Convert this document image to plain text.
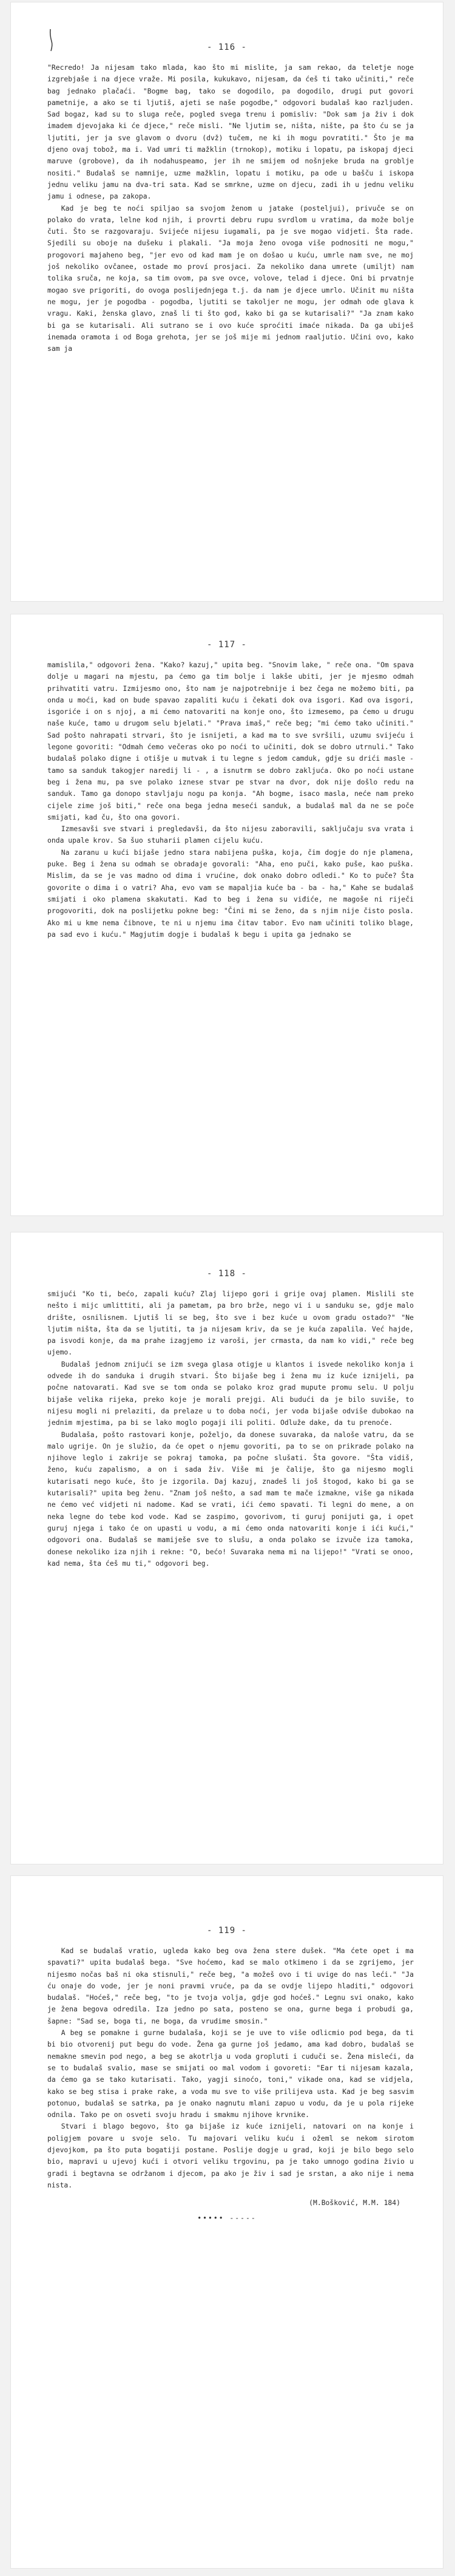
- 116 -

"Recredo! Ja nijesam tako mlada, kao što mi mislite, ja sam rekao, da teletje noge izgrebjaše i na djece vraže. Mi posila, kukukavo, nijesam, da ćeš ti tako učiniti," reče bag jednako plačaći. "Bogme bag, tako se dogodilo, pa dogodilo, drugi put govori pametnije, a ako se ti ljutiš, ajeti se naše pogodbe," odgovori budalaš kao razljuden. Sad bogaz, kad su to sluga reče, pogled svega trenu i pomisliv: "Dok sam ja živ i dok imadem djevojaka ki će djece," reče misli. "Ne ljutim se, ništa, nište, pa što ću se ja ljutiti, jer ja sve glavom o dvoru (dvž) tučem, ne ki ih mogu povratiti." Što je ma djeno ovaj tobož, ma i. Vad umri ti mažklin (trnokop), motiku i lopatu, pa iskopaj djeci maruve (grobove), da ih nodahuspeamo, jer ih ne smijem od nošnjeke bruda na groblje nositi." Budalaš se namnije, uzme mažklin, lopatu i motiku, pa ode u bašču i iskopa jednu veliku jamu na dva-tri sata. Kad se smrkne, uzme on djecu, zadi ih u jednu veliku jamu i odnese, pa zakopa.

Kad je beg te noći spiljao sa svojom ženom u jatake (posteljui), privuče se on polako do vrata, lelne kod njih, i provrti debru rupu svrdlom u vratima, da može bolje čuti. Što se razgovaraju. Svijeće nijesu iugamali, pa je sve mogao vidjeti. Šta rade. Sjedili su oboje na dušeku i plakali. "Ja moja ženo ovoga više podnositi ne mogu," progovori majaheno beg, "jer evo od kad mam je on došao u kuću, umrle nam sve, ne moj još nekoliko ovčanee, ostade mo proví prosjaci. Za nekoliko dana umrete (umiljt) nam tolika sruča, ne koja, sa tim ovom, pa sve ovce, volove, telad i djece. Oni bi prvatnje mogao sve prigoriti, do ovoga poslijednjega t.j. da nam je djece umrlo. Učinit mu ništa ne mogu, jer je pogodba - pogodba, ljutiti se takoljer ne mogu, jer odmah ode glava k vragu. Kaki, ženska glavo, znaš li ti što god, kako bi ga se kutarisali?" "Ja znam kako bi ga se kutarisali. Ali sutrano se i ovo kuće sproćiti imaće nikada. Da ga ubiješ inemada oramota i od Boga grehota, jer se još mije mi jednom raaljutio. Učini ovo, kako sam ja

- 117 -

mamislila," odgovori žena. "Kako? kazuj," upita beg. "Snovim lake, " reče ona. "Om spava dolje u magari na mjestu, pa ćemo ga tim bolje i lakše ubiti, jer je mjesmo odmah prihvatiti vatru. Izmijesmo ono, što nam je najpotrebnije i bez čega ne možemo biti, pa onda u moći, kad on bude spavao zapaliti kuću i čekati dok ova isgori. Kad ova isgori, isgoriće i on s njoj, a mi ćemo natovariti na konje ono, što izmesemo, pa ćemo u drugu naše kuće, tamo u drugom selu bjelati." "Prava imaš," reče beg; "mi ćemo tako učiniti." Sad pošto nahrapati strvari, što je isnijeti, a kad ma to sve svršili, uzumu svijeću i legone govoriti: "Odmah ćemo večeras oko po noći to učiniti, dok se dobro utrnuli." Tako budalaš polako digne i otišje u mutvak i tu legne s jedom camduk, gdje su drići masle - tamo sa sanduk takogjer naredij li - , a isnutrm se dobro zakljuća. Oko po noći ustane beg i žena mu, pa sve polako iznese stvar pe stvar na dvor, dok nije došlo redu na sanduk. Tamo ga donopo stavljaju nogu pa konja. "Ah bogme, isaco masla, neće nam preko cijele zime još biti," reče ona bega jedna meseći sanduk, a budalaš mal da ne se poče smijati, kad ču, što ona govori.

Izmesavši sve stvari i pregledavši, da što nijesu zaboravili, saključaju sva vrata i onda upale krov. Sa šuo stuharii plamen cijelu kuću.

Na zaranu u kući bijaše jedno stara nabijena puška, koja, čim dogje do nje plamena, puke. Beg i žena su odmah se obradaje govorali: "Aha, eno puči, kako puše, kao puška. Mislim, da se je vas madno od dima i vrućine, dok onako dobro odledi." Ko to puče? Šta govorite o dima i o vatri? Aha, evo vam se mapaljia kuće ba - ba - ha," Kahe se budalaš smijati i oko plamena skakutati. Kad to beg i žena su viđiće, ne magoše ni riječi progovoriti, dok na poslijetku pokne beg: "Čini mi se ženo, da s njim nije čisto posla. Ako mi u kme nema čibnove, te ni u njemu ima čitav tabor. Evo nam učiniti toliko blage, pa sad evo i kuću." Magjutim dogje i budalaš k begu i upita ga jednako se

- 118 -

smijući "Ko ti, bećo, zapali kuću? Zlaj lijepo gori i grije ovaj plamen. Mislili ste nešto i mijc umlittiti, ali ja pametam, pa bro brže, nego vi i u sanduku se, gdje malo drište, osnilisnem. Ljutiš li se beg, što sve i bez kuće u ovom gradu ostado?" "Ne ljutim ništa, šta da se ljutiti, ta ja nijesam kriv, da se je kuća zapalila. Već hajde, pa isvodi konje, da ma prahe izagjemo iz varoši, jer crmasta, da nam ko vidi," reče beg ujemo.

Budalaš jednom znijući se izm svega glasa otigje u klantos i isvede nekoliko konja i odvede ih do sanduka i drugih stvari. Što bijaše beg i žena mu iz kuće iznijeli, pa počne natovarati. Kad sve se tom onda se polako kroz grad mupute promu selu. U polju bijaše velika rijeka, preko koje je morali prejgi. Ali budući da je bilo suviše, to nijesu mogli ni prelaziti, da prelaze u to doba noći, jer voda bijaše odviše dubokao na jednim mjestima, pa bi se lako moglo pogaji ili politi. Odluže dake, da tu prenoće.

Budalaša, pošto rastovari konje, poželjo, da donese suvaraka, da naloše vatru, da se malo ugrije. On je služio, da će opet o njemu govoriti, pa to se on prikrade polako na njihove leglo i zakrije se pokraj tamoka, pa počne slušati. Šta govore. "Šta vidiš, ženo, kuću zapalismo, a on i sada živ. Više mi je čalije, što ga nijesmo mogli kutarisati nego kuće, što je izgorila. Daj kazuj, znadeš li još štogod, kako bi ga se kutarisali?" upita beg ženu. "Znam još nešto, a sad mam te mače izmakne, više ga nikada ne ćemo već vidjeti ni nadome. Kad se vrati, ići ćemo spavati. Ti legni do mene, a on neka legne do tebe kod vode. Kad se zaspimo, govorivom, ti guruj ponijuti ga, i opet guruj njega i tako će on upasti u vodu, a mi ćemo onda natovariti konje i ići kući," odgovori ona. Budalaš se mamiješe sve to slušu, a onda polako se izvuče iza tamoka, donese nekoliko iza njih i rekne: "O, bećo! Suvaraka nema mi na lijepo!" "Vrati se onoo, kad nema, šta ćeš mu ti," odgovori beg.

- 119 -

Kad se budalaš vratio, ugleda kako beg ova žena stere dušek. "Ma ćete opet i ma spavati?" upita budalaš bega. "Sve hoćemo, kad se malo otkimeno i da se zgrijemo, jer nijesmo nočas baš ni oka stisnuli," reče beg, "a možeš ovo i ti uvige do nas leći." "Ja ću onaje do vode, jer je noni pravmi vruće, pa da se ovdje lijepo hladiti," odgovori budalaš. "Hoćeš," reče beg, "to je tvoja volja, gdje god hoćeš." Legnu svi onako, kako je žena begova odredila. Iza jedno po sata, posteno se ona, gurne bega i probudi ga, šapne: "Sad se, boga ti, ne boga, da vrudime smosin."

A beg se pomakne i gurne budalaša, koji se je uve to više odlicmio pod bega, da ti bi bio otvorenij put begu do vode. Žena ga gurne još jedamo, ama kad dobro, budalaš se nemakne smevin pod nego, a beg se akotrlja u voda gropluti i cuduči se. Žena misleći, da se to budalaš svalio, mase se smijati oo mal vodom i govoreti: "Ear ti nijesam kazala, da ćemo ga se tako kutarisati. Tako, yagji sinoćo, toni," vikade ona, kad se vidjela, kako se beg stisa i prake rake, a voda mu sve to više prilijeva usta. Kad je beg sasvim potonuo, budalaš se satrka, pa je onako nagnutu mlani zapuo u vodu, da je u pola rijeke odnila. Tako pe on osveti svoju hradu i smakmu njihove krvnike.

Stvari i blago begovo, što ga bijaše iz kuće iznijeli, natovari on na konje i poligjem povare u svoje selo. Tu majovari veliku kuću i ožeml se nekom sirotom djevojkom, pa što puta bogatiji postane. Poslije dogje u grad, koji je bilo bego selo bio, mapravi u ujevoj kući i otvori veliku trgovinu, pa je tako umnogo godina živio u gradi i begtavna se održanom i djecom, pa ako je živ i sad je srstan, a ako nije i nema nista.

(M.Bošković, M.M. 184)
••••• -----
